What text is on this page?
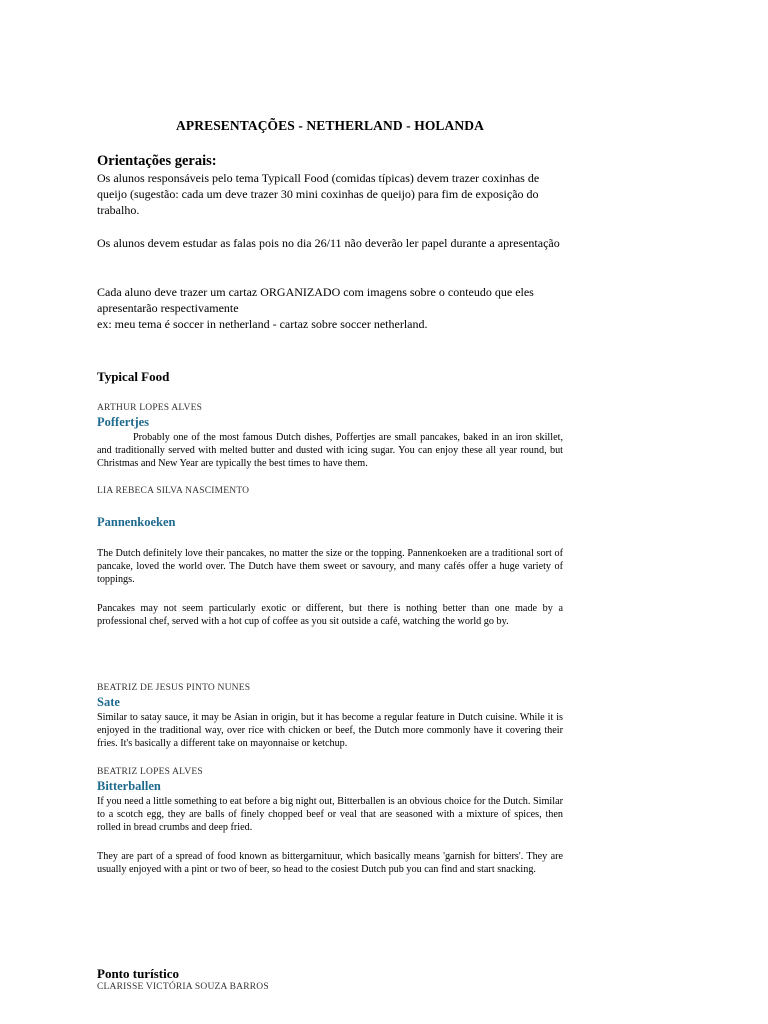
APRESENTAÇÕES - NETHERLAND - HOLANDA

Orientações gerais:

Os alunos responsáveis pelo tema Typicall Food (comidas típicas) devem trazer coxinhas de queijo (sugestão: cada um deve trazer 30 mini coxinhas de queijo) para fim de exposição do trabalho.

Os alunos devem estudar as falas pois no dia 26/11 não deverão ler papel durante a apresentação

Cada aluno deve trazer um cartaz ORGANIZADO com imagens sobre o conteudo que eles apresentarão respectivamente
ex: meu tema é soccer in netherland - cartaz sobre soccer netherland.

Typical Food

ARTHUR LOPES ALVES

Poffertjes

Probably one of the most famous Dutch dishes, Poffertjes are small pancakes, baked in an iron skillet, and traditionally served with melted butter and dusted with icing sugar. You can enjoy these all year round, but Christmas and New Year are typically the best times to have them.

LIA REBECA SILVA NASCIMENTO

Pannenkoeken

The Dutch definitely love their pancakes, no matter the size or the topping. Pannenkoeken are a traditional sort of pancake, loved the world over. The Dutch have them sweet or savoury, and many cafés offer a huge variety of toppings.

Pancakes may not seem particularly exotic or different, but there is nothing better than one made by a professional chef, served with a hot cup of coffee as you sit outside a café, watching the world go by.

BEATRIZ DE JESUS PINTO NUNES

Sate

Similar to satay sauce, it may be Asian in origin, but it has become a regular feature in Dutch cuisine. While it is enjoyed in the traditional way, over rice with chicken or beef, the Dutch more commonly have it covering their fries. It's basically a different take on mayonnaise or ketchup.

BEATRIZ LOPES ALVES

Bitterballen

If you need a little something to eat before a big night out, Bitterballen is an obvious choice for the Dutch. Similar to a scotch egg, they are balls of finely chopped beef or veal that are seasoned with a mixture of spices, then rolled in bread crumbs and deep fried.

They are part of a spread of food known as bittergarnituur, which basically means 'garnish for bitters'. They are usually enjoyed with a pint or two of beer, so head to the cosiest Dutch pub you can find and start snacking.

Ponto turístico

CLARISSE VICTÓRIA SOUZA BARROS
